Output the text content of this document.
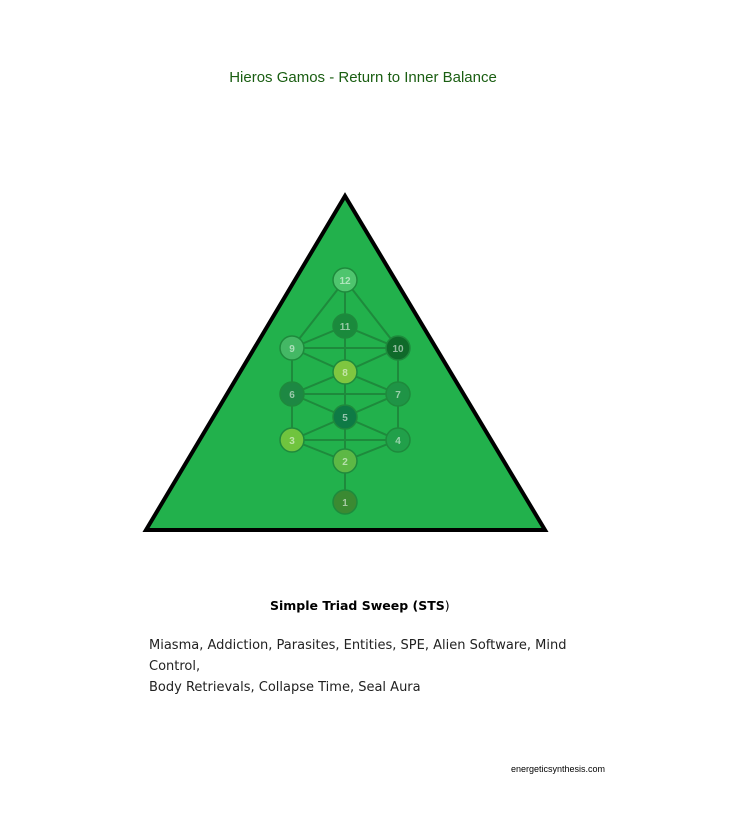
Hieros Gamos - Return to Inner Balance
12
11
10
9
8
7
6
5
4
3
2
1
Simple Triad Sweep (STS)
Miasma, Addiction, Parasites, Entities, SPE, Alien Software, Mind Control,
Body Retrievals, Collapse Time, Seal Aura
energeticsynthesis.com
